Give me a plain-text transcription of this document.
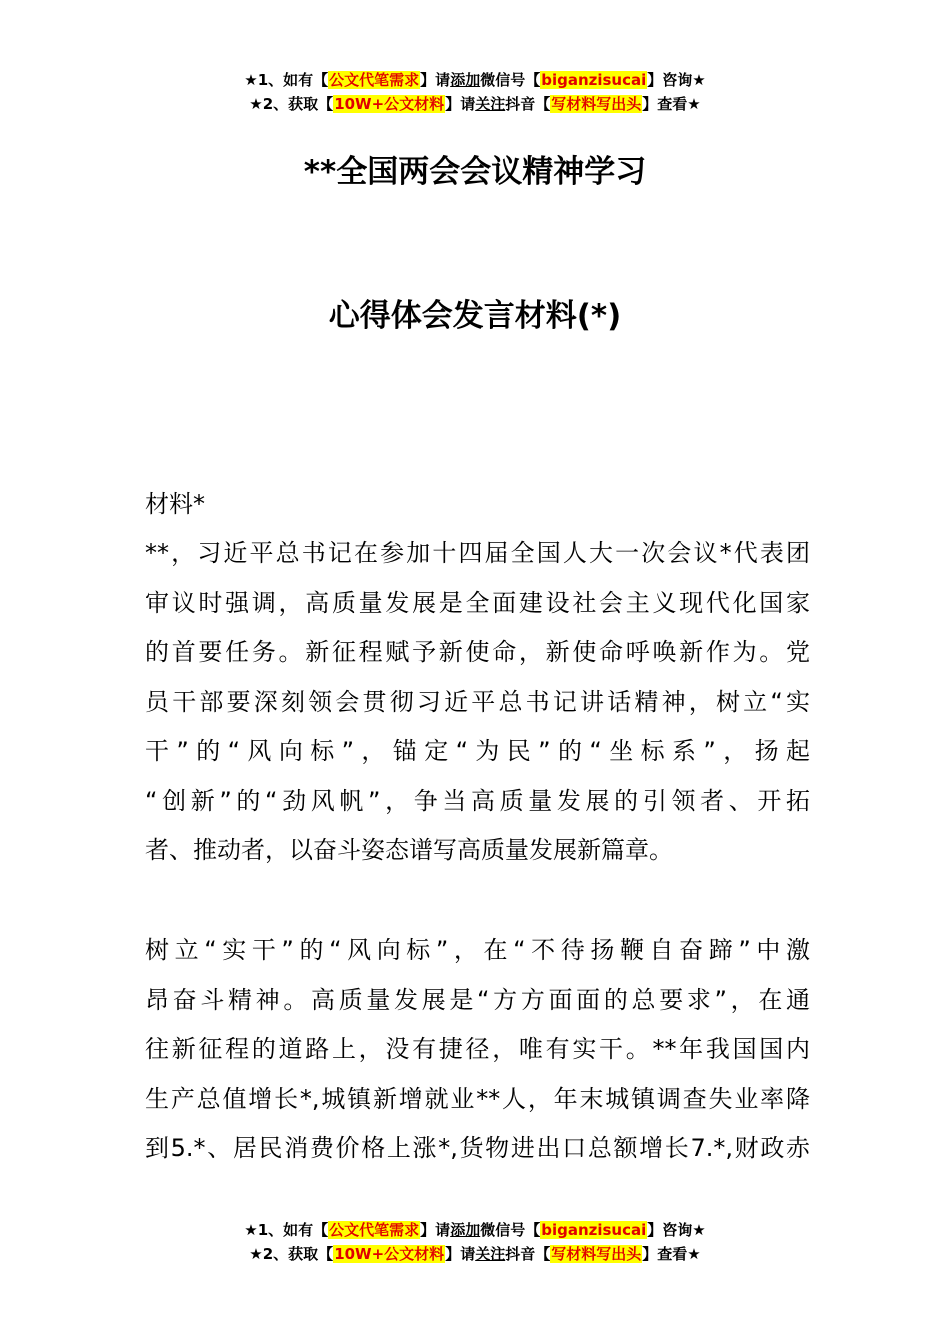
★1、如有【公文代笔需求】请添加微信号【biganzisucai】咨询★
★2、获取【10W+公文材料】请关注抖音【写材料写出头】查看★
**全国两会会议精神学习
心得体会发言材料(*)
材料*
**，习近平总书记在参加十四届全国人大一次会议*代表团
审议时强调，高质量发展是全面建设社会主义现代化国家
的首要任务。新征程赋予新使命，新使命呼唤新作为。党
员干部要深刻领会贯彻习近平总书记讲话精神，树立“实
干”的“风向标”，锚定“为民”的“坐标系”，扬起
“创新”的“劲风帆”，争当高质量发展的引领者、开拓
者、推动者，以奋斗姿态谱写高质量发展新篇章。
树立“实干”的“风向标”，在“不待扬鞭自奋蹄”中激
昂奋斗精神。高质量发展是“方方面面的总要求”，在通
往新征程的道路上，没有捷径，唯有实干。**年我国国内
生产总值增长*,城镇新增就业**人，年末城镇调查失业率降
到5.*、居民消费价格上涨*,货物进出口总额增长7.*,财政赤
★1、如有【公文代笔需求】请添加微信号【biganzisucai】咨询★
★2、获取【10W+公文材料】请关注抖音【写材料写出头】查看★
